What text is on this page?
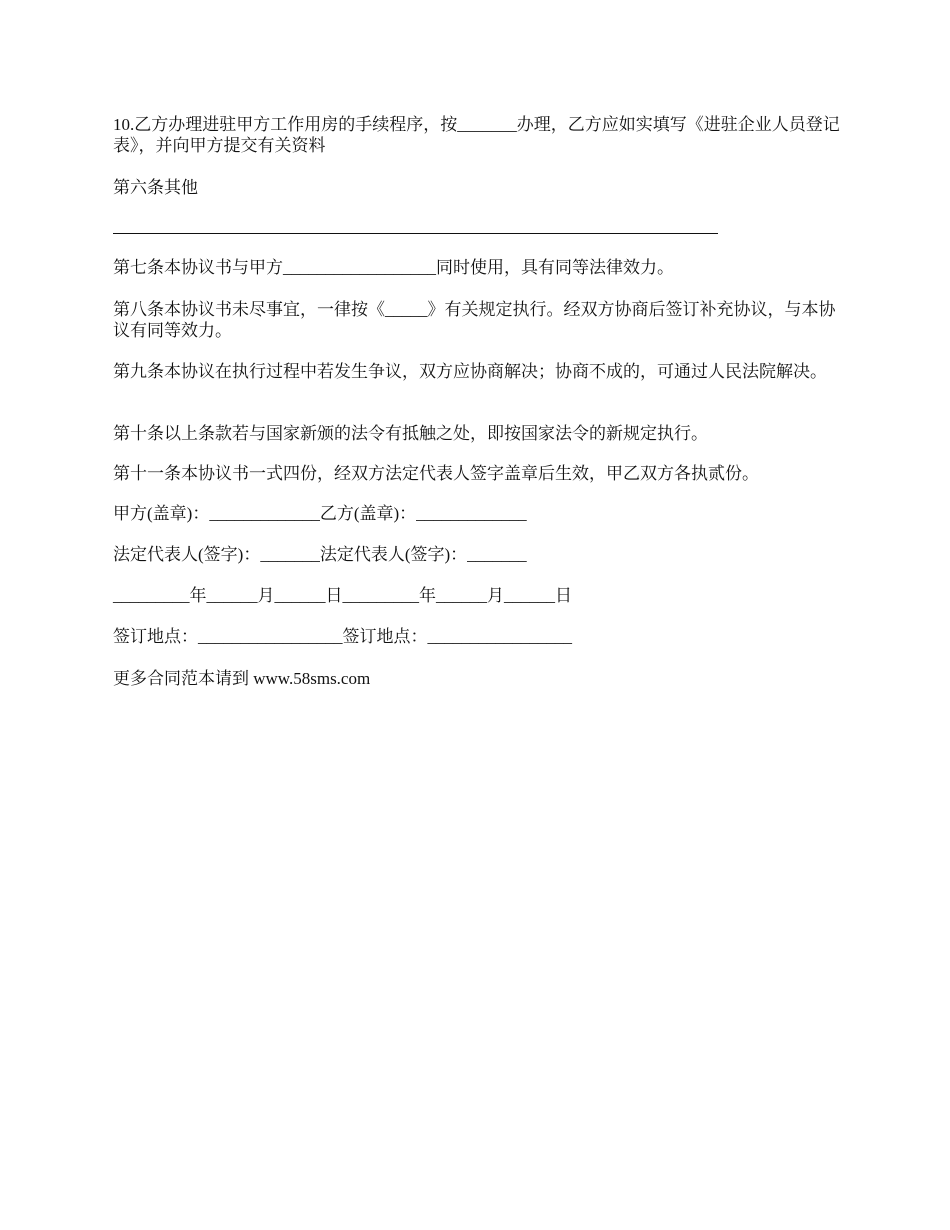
10.乙方办理进驻甲方工作用房的手续程序，按_______办理，乙方应如实填写《进驻企业人员登记表》，并向甲方提交有关资料

第六条其他

第七条本协议书与甲方__________________同时使用，具有同等法律效力。

第八条本协议书未尽事宜，一律按《_____》有关规定执行。经双方协商后签订补充协议，与本协议有同等效力。

第九条本协议在执行过程中若发生争议，双方应协商解决；协商不成的，可通过人民法院解决。

第十条以上条款若与国家新颁的法令有抵触之处，即按国家法令的新规定执行。

第十一条本协议书一式四份，经双方法定代表人签字盖章后生效，甲乙双方各执贰份。

甲方(盖章)：_____________乙方(盖章)：_____________

法定代表人(签字)：_______法定代表人(签字)：_______

_________年______月______日_________年______月______日

签订地点：_________________签订地点：_________________

更多合同范本请到 www.58sms.com
